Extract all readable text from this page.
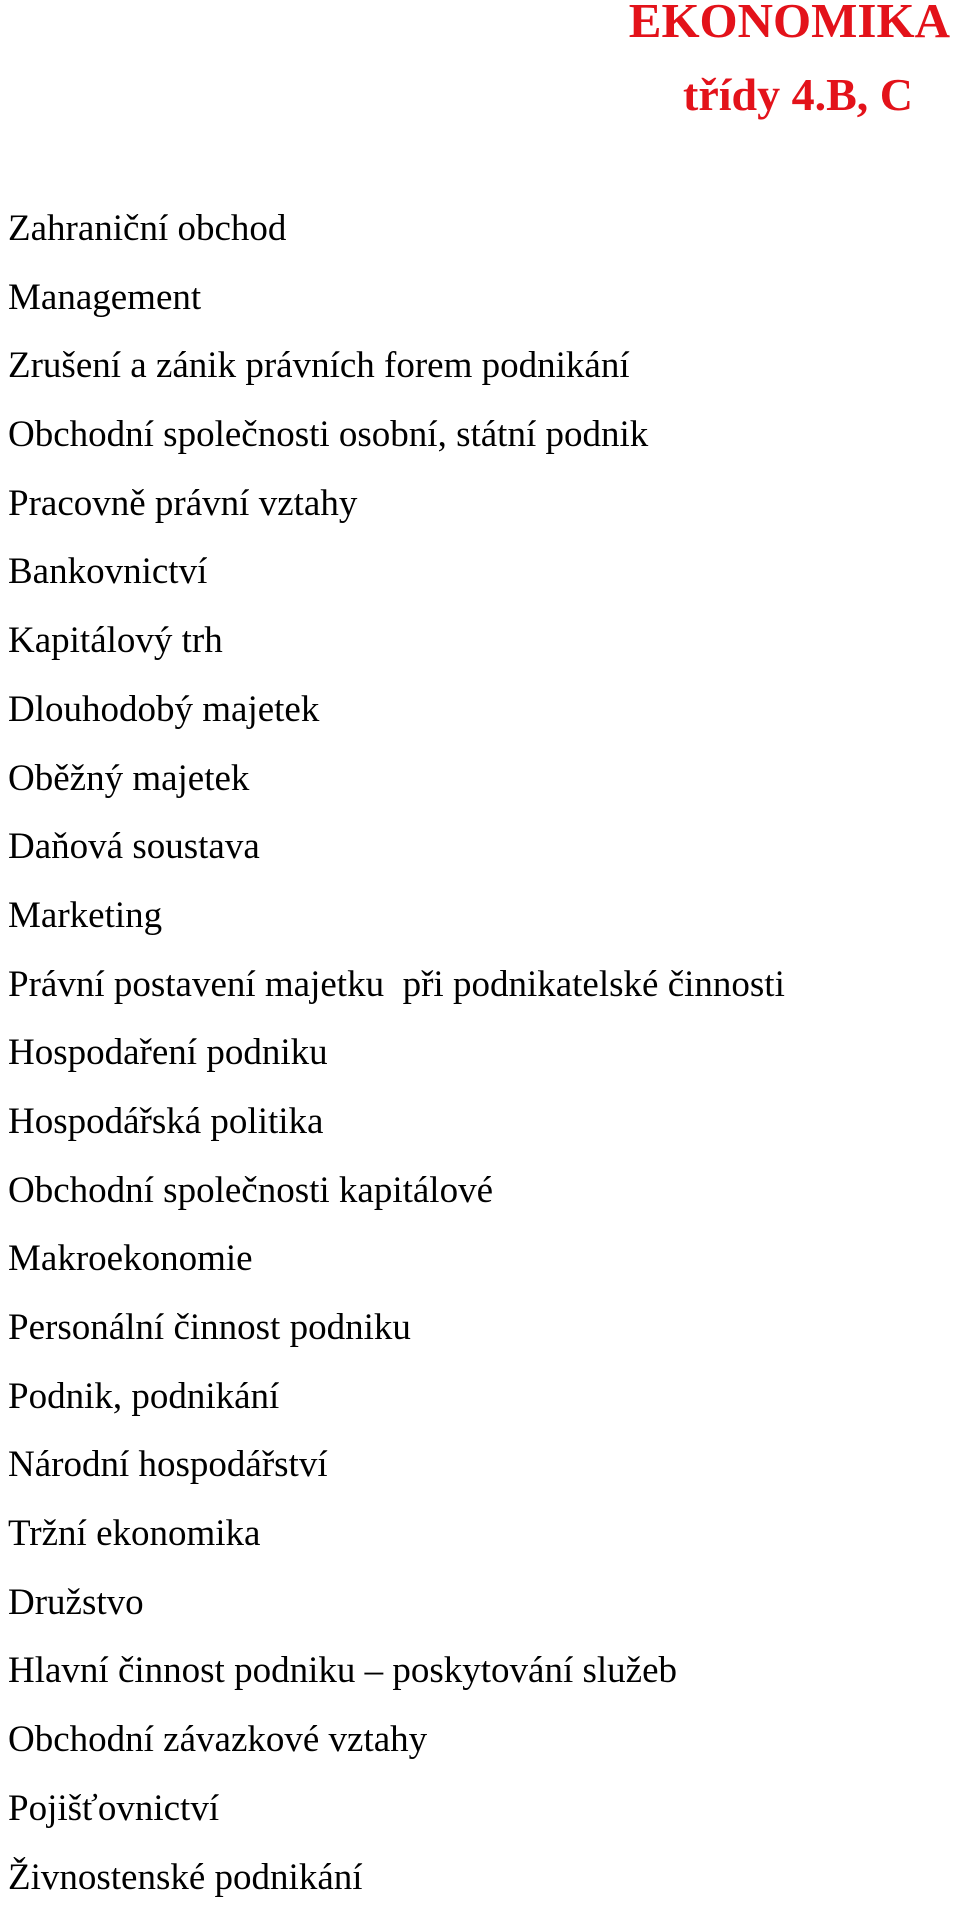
EKONOMIKA
třídy 4.B, C
Zahraniční obchod
Management
Zrušení a zánik právních forem podnikání
Obchodní společnosti osobní, státní podnik
Pracovně právní vztahy
Bankovnictví
Kapitálový trh
Dlouhodobý majetek
Oběžný majetek
Daňová soustava
Marketing
Právní postavení majetku  při podnikatelské činnosti
Hospodaření podniku
Hospodářská politika
Obchodní společnosti kapitálové
Makroekonomie
Personální činnost podniku
Podnik, podnikání
Národní hospodářství
Tržní ekonomika
Družstvo
Hlavní činnost podniku – poskytování služeb
Obchodní závazkové vztahy
Pojišťovnictví
Živnostenské podnikání
